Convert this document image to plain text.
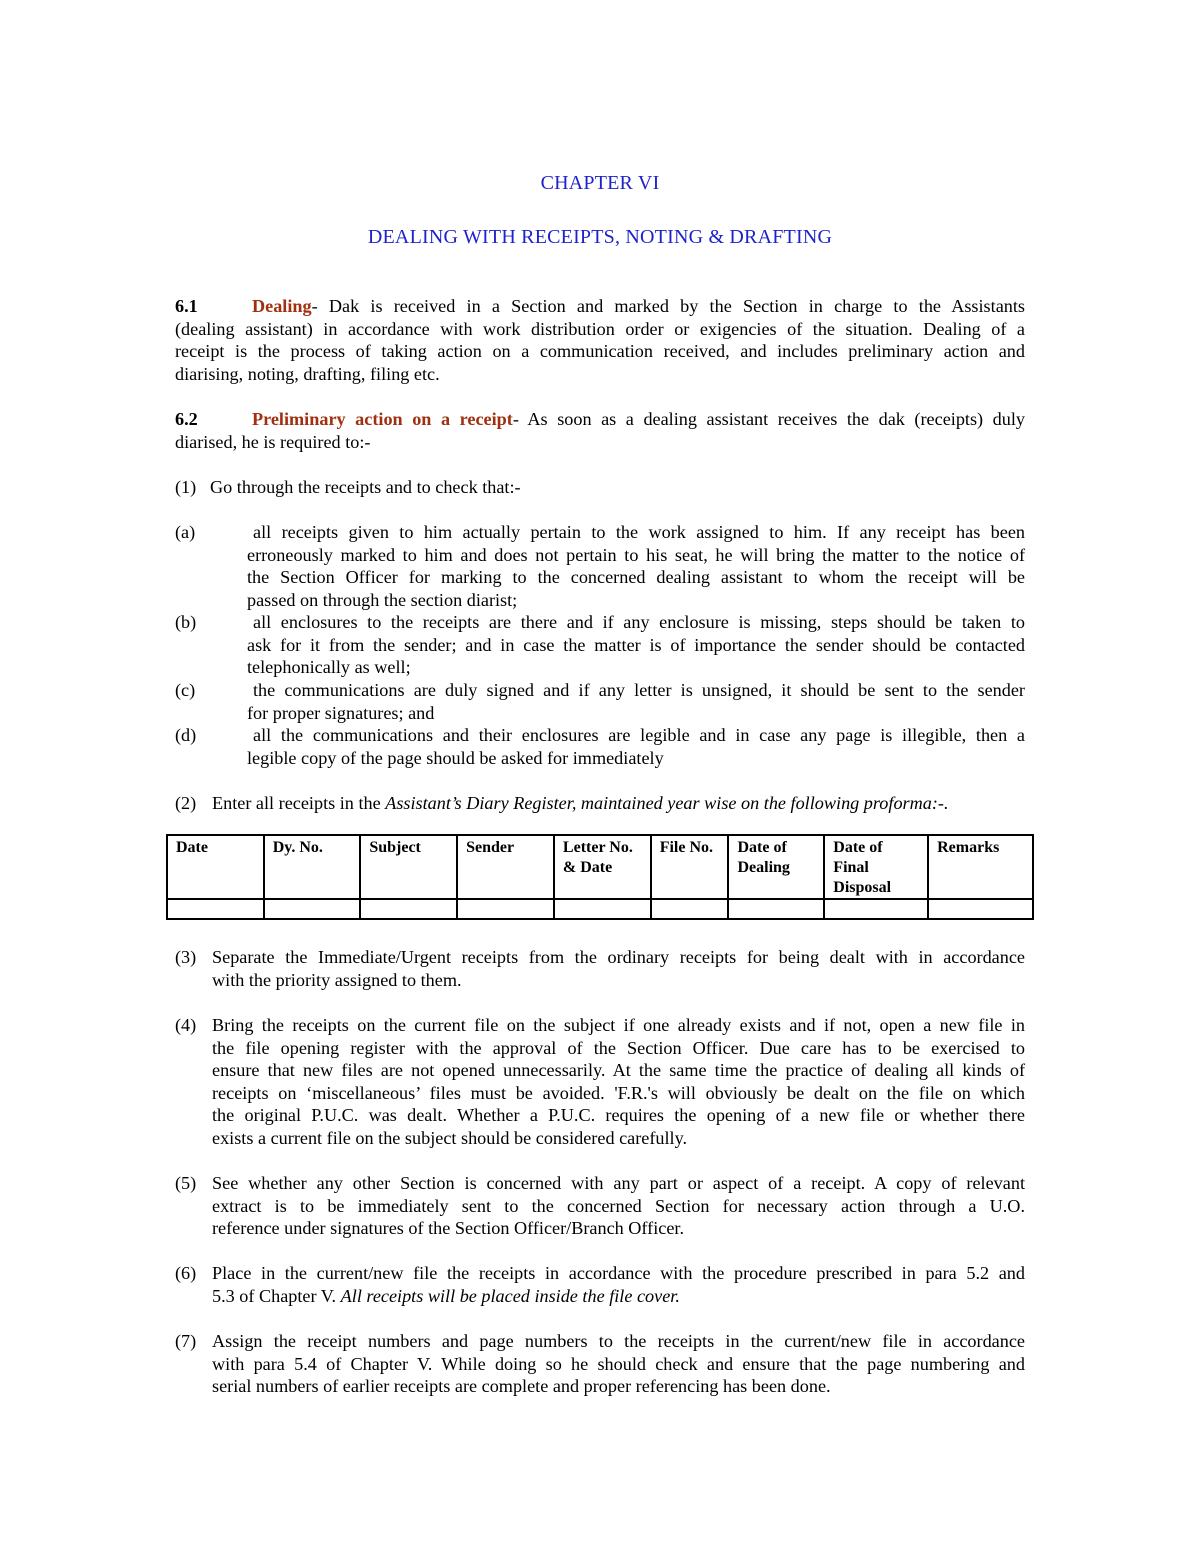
CHAPTER VI
DEALING WITH RECEIPTS, NOTING & DRAFTING
6.1	Dealing- Dak is received in a Section and marked by the Section in charge to the Assistants
(dealing assistant) in accordance with work distribution order or exigencies of the situation. Dealing of a
receipt is the process of taking action on a communication received, and includes preliminary action and
diarising, noting, drafting, filing etc.
6.2	Preliminary action on a receipt- As soon as a dealing assistant receives the dak (receipts) duly
diarised, he is required to:-
(1) Go through the receipts and to check that:-
(a)	all receipts given to him actually pertain to the work assigned to him. If any receipt has been
erroneously marked to him and does not pertain to his seat, he will bring the matter to the notice of
the Section Officer for marking to the concerned dealing assistant to whom the receipt will be
passed on through the section diarist;
(b)	all enclosures to the receipts are there and if any enclosure is missing, steps should be taken to
ask for it from the sender; and in case the matter is of importance the sender should be contacted
telephonically as well;
(c)	the communications are duly signed and if any letter is unsigned, it should be sent to the sender
for proper signatures; and
(d)	all the communications and their enclosures are legible and in case any page is illegible, then a
legible copy of the page should be asked for immediately
(2) Enter all receipts in the Assistant’s Diary Register, maintained year wise on the following proforma:-.
Date	Dy. No.	Subject	Sender	Letter No. & Date	File No.	Date of Dealing	Date of Final Disposal	Remarks

(3) Separate the Immediate/Urgent receipts from the ordinary receipts for being dealt with in accordance
with the priority assigned to them.
(4) Bring the receipts on the current file on the subject if one already exists and if not, open a new file in
the file opening register with the approval of the Section Officer. Due care has to be exercised to
ensure that new files are not opened unnecessarily. At the same time the practice of dealing all kinds of
receipts on ‘miscellaneous’ files must be avoided. 'F.R.'s will obviously be dealt on the file on which
the original P.U.C. was dealt. Whether a P.U.C. requires the opening of a new file or whether there
exists a current file on the subject should be considered carefully.
(5) See whether any other Section is concerned with any part or aspect of a receipt. A copy of relevant
extract is to be immediately sent to the concerned Section for necessary action through a U.O.
reference under signatures of the Section Officer/Branch Officer.
(6) Place in the current/new file the receipts in accordance with the procedure prescribed in para 5.2 and
5.3 of Chapter V. All receipts will be placed inside the file cover.
(7) Assign the receipt numbers and page numbers to the receipts in the current/new file in accordance
with para 5.4 of Chapter V. While doing so he should check and ensure that the page numbering and
serial numbers of earlier receipts are complete and proper referencing has been done.
